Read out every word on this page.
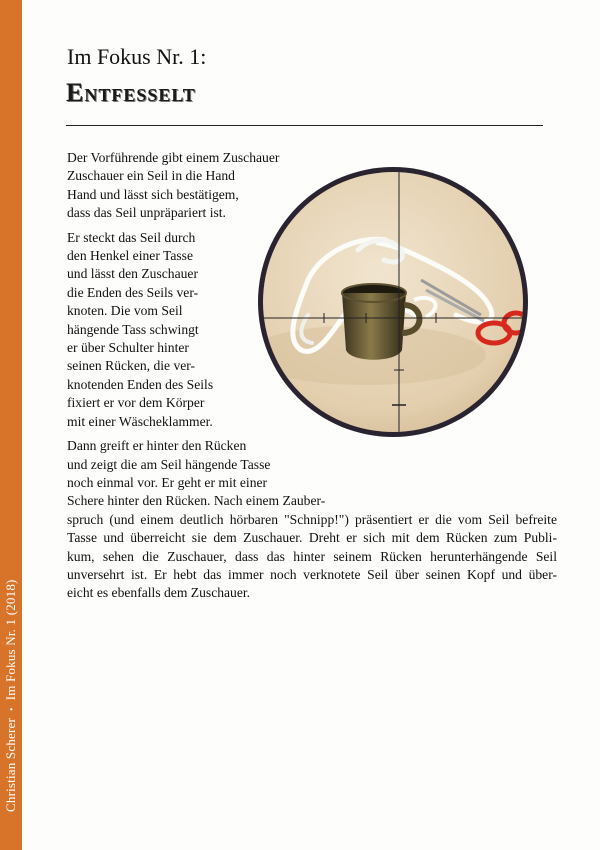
Christian Scherer•Im Fokus Nr. 1 (2018)
Im Fokus Nr. 1:
Entfesselt

Der Vorführende gibt einem Zuschauer
Zuschauer ein Seil in die Hand
Hand und lässt sich bestätigem,
dass das Seil unpräpariert ist.

Er steckt das Seil durch
den Henkel einer Tasse
und lässt den Zuschauer
die Enden des Seils ver-
knoten. Die vom Seil
hängende Tass schwingt
er über Schulter hinter
seinen Rücken, die ver-
knotenden Enden des Seils
fixiert er vor dem Körper
mit einer Wäscheklammer.

Dann greift er hinter den Rücken
und zeigt die am Seil hängende Tasse
noch einmal vor. Er geht er mit einer
Schere hinter den Rücken. Nach einem Zauber-
spruch (und einem deutlich hörbaren "Schnipp!") präsentiert er die vom Seil befreite
Tasse und überreicht sie dem Zuschauer. Dreht er sich mit dem Rücken zum Publi-
kum, sehen die Zuschauer, dass das hinter seinem Rücken herunterhängende Seil
unversehrt ist. Er hebt das immer noch verknotete Seil über seinen Kopf und über-
eicht es ebenfalls dem Zuschauer.
